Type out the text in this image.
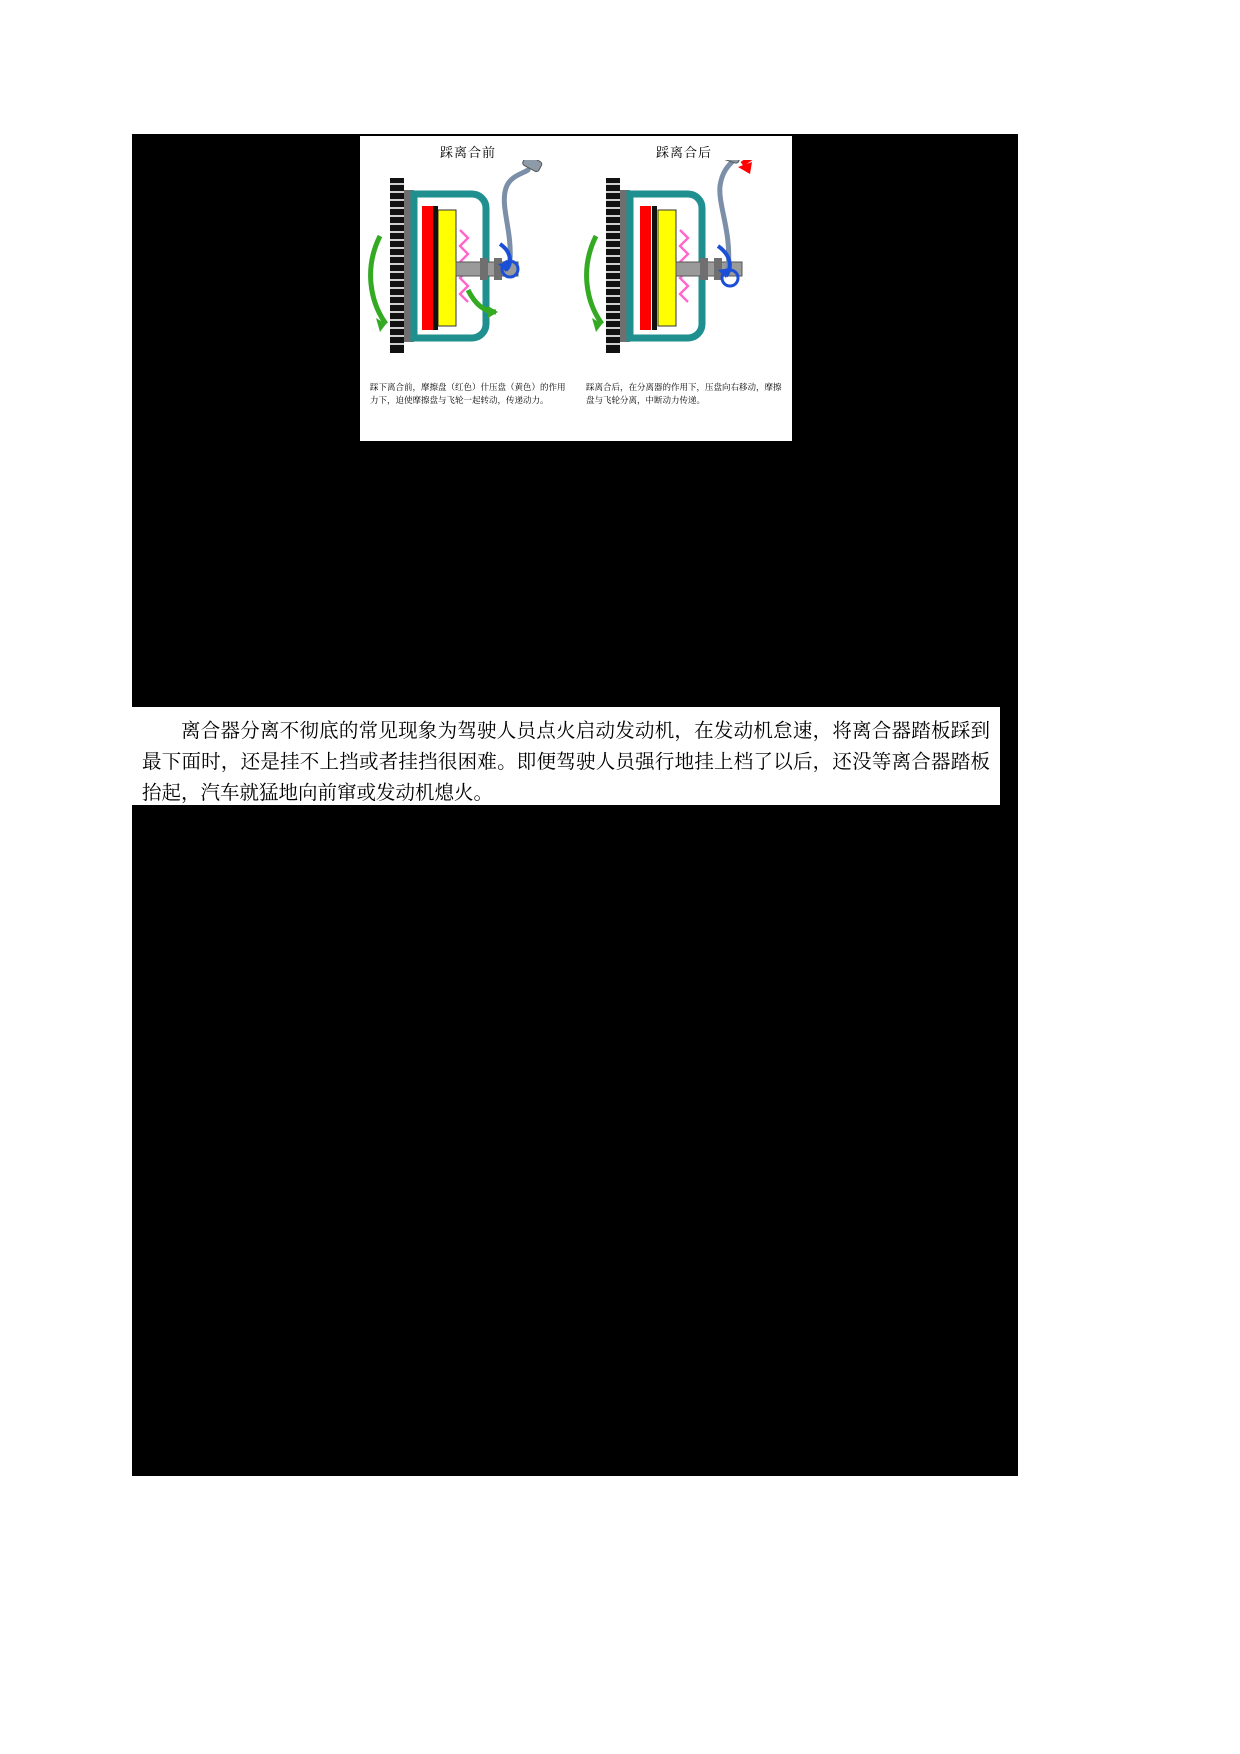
踩离合前	踩离合后
踩下离合前，摩擦盘（红色）什压盘（黄色）的作用力下，迫使摩擦盘与飞轮一起转动，传递动力。
踩离合后，在分离器的作用下，压盘向右移动，摩擦盘与飞轮分离，中断动力传递。
离合器分离不彻底的常见现象为驾驶人员点火启动发动机，在发动机怠速，将离合器踏板踩到最下面时，还是挂不上挡或者挂挡很困难。即便驾驶人员强行地挂上档了以后，还没等离合器踏板抬起，汽车就猛地向前窜或发动机熄火。
